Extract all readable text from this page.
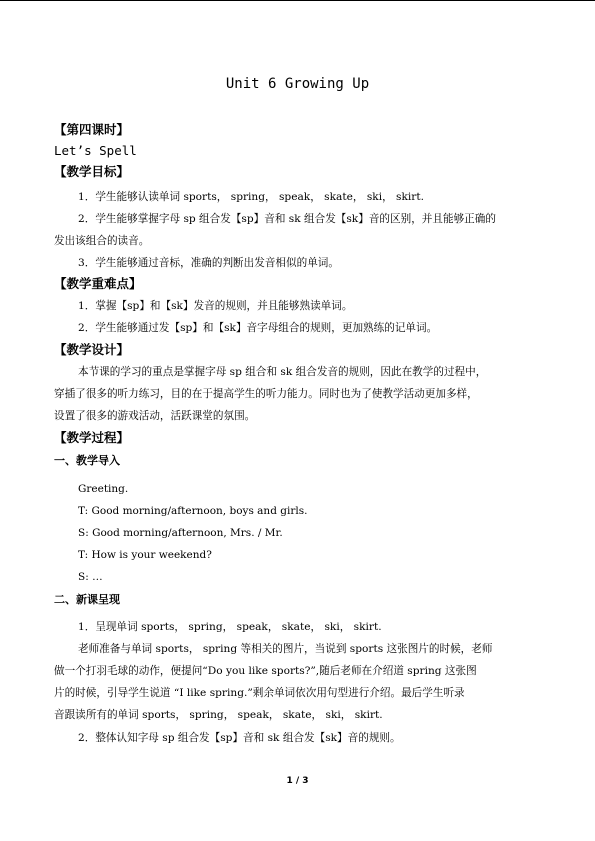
Unit 6 Growing Up
【第四课时】
Let’s Spell
【教学目标】
1．学生能够认读单词 sports， spring， speak， skate， ski， skirt.
2．学生能够掌握字母 sp 组合发【sp】音和 sk 组合发【sk】音的区别，并且能够正确的
发出该组合的读音。
3．学生能够通过音标，准确的判断出发音相似的单词。
【教学重难点】
1．掌握【sp】和【sk】发音的规则，并且能够熟读单词。
2．学生能够通过发【sp】和【sk】音字母组合的规则，更加熟练的记单词。
【教学设计】
本节课的学习的重点是掌握字母 sp 组合和 sk 组合发音的规则，因此在教学的过程中，
穿插了很多的听力练习，目的在于提高学生的听力能力。同时也为了使教学活动更加多样，
设置了很多的游戏活动，活跃课堂的氛围。
【教学过程】
一、教学导入
Greeting.
T: Good morning/afternoon, boys and girls.
S: Good morning/afternoon, Mrs. / Mr.
T: How is your weekend?
S: …
二、新课呈现
1．呈现单词 sports， spring， speak， skate， ski， skirt.
老师准备与单词 sports， spring 等相关的图片，当说到 sports 这张图片的时候，老师
做一个打羽毛球的动作，便提问“Do you like sports?”,随后老师在介绍道 spring 这张图
片的时候，引导学生说道 “I like spring.”剩余单词依次用句型进行介绍。最后学生听录
音跟读所有的单词 sports， spring， speak， skate， ski， skirt.
2．整体认知字母 sp 组合发【sp】音和 sk 组合发【sk】音的规则。
1 / 3
